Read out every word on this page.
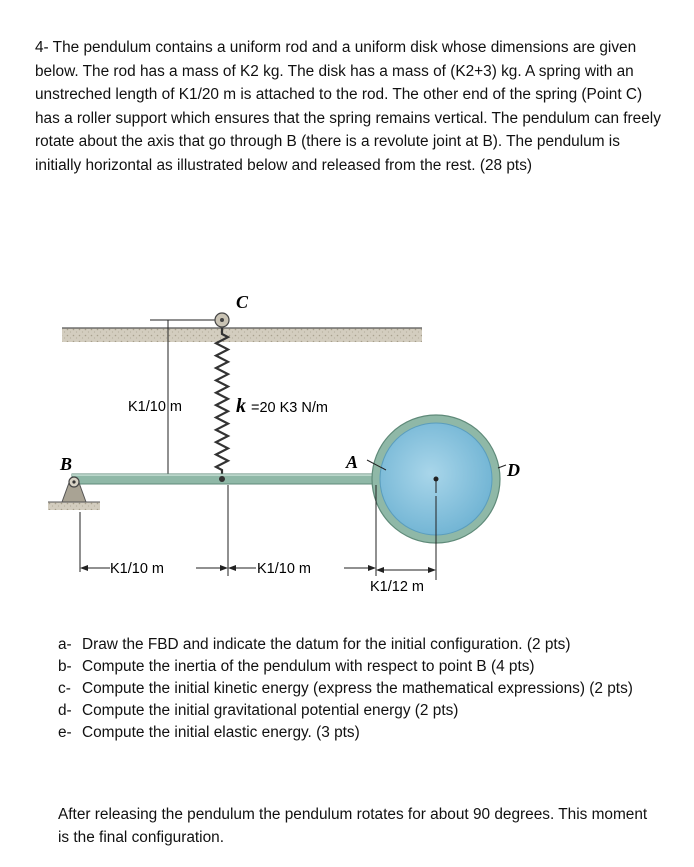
4- The pendulum contains a uniform rod and a uniform disk whose dimensions are given below. The rod has a mass of K2 kg. The disk has a mass of (K2+3) kg. A spring with an unstreched length of K1/20 m is attached to the rod. The other end of the spring (Point C) has a roller support which ensures that the spring remains vertical. The pendulum can freely rotate about the axis that go through B (there is a revolute joint at B). The pendulum is initially horizontal as illustrated below and released from the rest. (28 pts)

K1/10 m
C
k =20 K3 N/m
A	D
B
K1/10 m	K1/10 m
K1/12 m
a- Draw the FBD and indicate the datum for the initial configuration. (2 pts)
b- Compute the inertia of the pendulum with respect to point B (4 pts)
c- Compute the initial kinetic energy (express the mathematical expressions) (2 pts)
d- Compute the initial gravitational potential energy (2 pts)
e- Compute the initial elastic energy. (3 pts)

After releasing the pendulum the pendulum rotates for about 90 degrees. This moment is the final configuration.
